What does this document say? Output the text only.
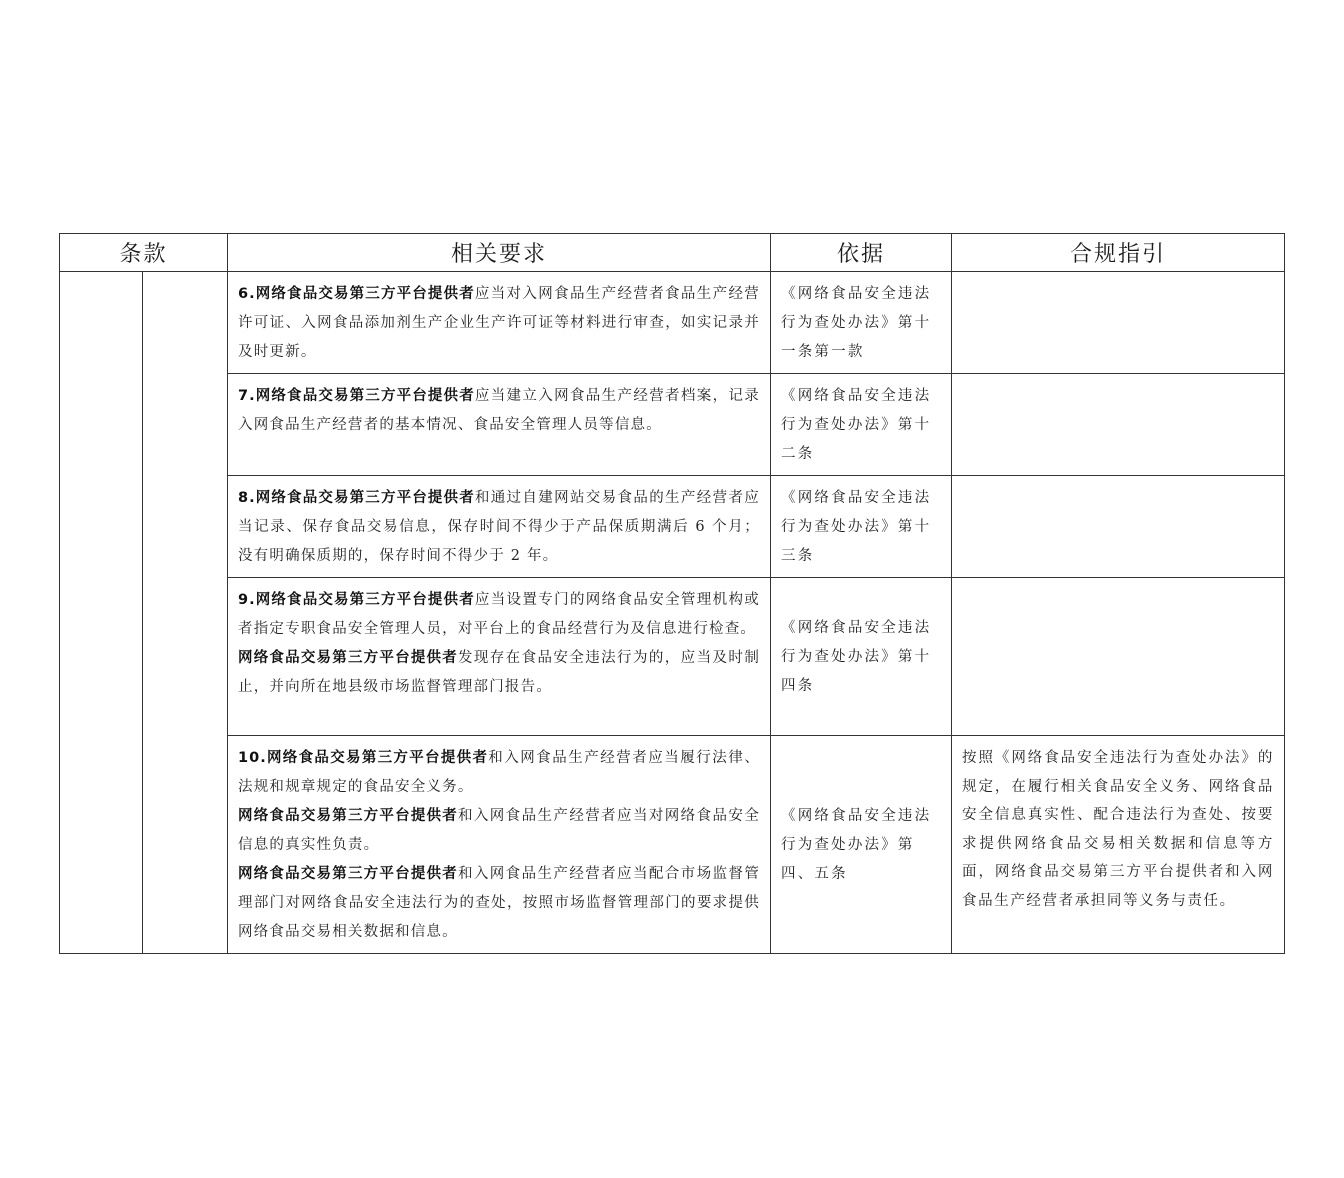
条款		相关要求	依据	合规指引

		6.网络食品交易第三方平台提供者应当对入网食品生产经营者食品生产经营许可证、入网食品添加剂生产企业生产许可证等材料进行审查，如实记录并及时更新。	《网络食品安全违法行为查处办法》第十一条第一款	

		7.网络食品交易第三方平台提供者应当建立入网食品生产经营者档案，记录入网食品生产经营者的基本情况、食品安全管理人员等信息。	《网络食品安全违法行为查处办法》第十二条	

		8.网络食品交易第三方平台提供者和通过自建网站交易食品的生产经营者应当记录、保存食品交易信息，保存时间不得少于产品保质期满后 6 个月；没有明确保质期的，保存时间不得少于 2 年。	《网络食品安全违法行为查处办法》第十三条	

		9.网络食品交易第三方平台提供者应当设置专门的网络食品安全管理机构或者指定专职食品安全管理人员，对平台上的食品经营行为及信息进行检查。

网络食品交易第三方平台提供者发现存在食品安全违法行为的，应当及时制止，并向所在地县级市场监督管理部门报告。	《网络食品安全违法行为查处办法》第十四条	

		10.网络食品交易第三方平台提供者和入网食品生产经营者应当履行法律、法规和规章规定的食品安全义务。

网络食品交易第三方平台提供者和入网食品生产经营者应当对网络食品安全信息的真实性负责。

网络食品交易第三方平台提供者和入网食品生产经营者应当配合市场监督管理部门对网络食品安全违法行为的查处，按照市场监督管理部门的要求提供网络食品交易相关数据和信息。	《网络食品安全违法行为查处办法》第四、五条	按照《网络食品安全违法行为查处办法》的规定，在履行相关食品安全义务、网络食品安全信息真实性、配合违法行为查处、按要求提供网络食品交易相关数据和信息等方面，网络食品交易第三方平台提供者和入网食品生产经营者承担同等义务与责任。
